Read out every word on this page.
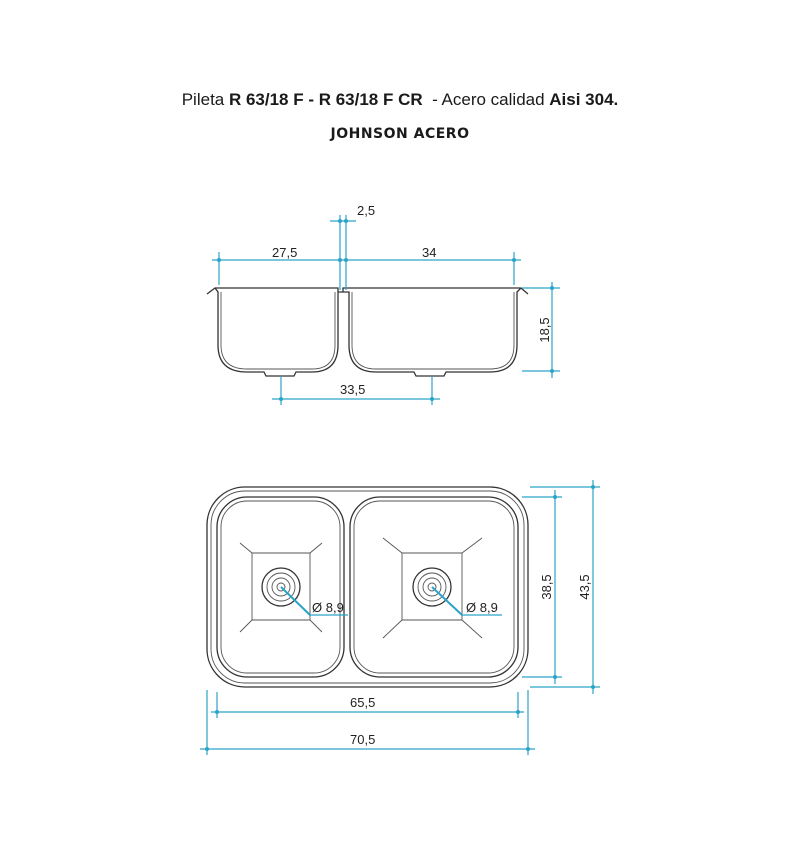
Pileta R 63/18 F - R 63/18 F CR  - Acero calidad Aisi 304.
JOHNSON ACERO
2,5
27,5	34
18,5
33,5
Ø 8,9	Ø 8,9
65,5
70,5
38,5 43,5
